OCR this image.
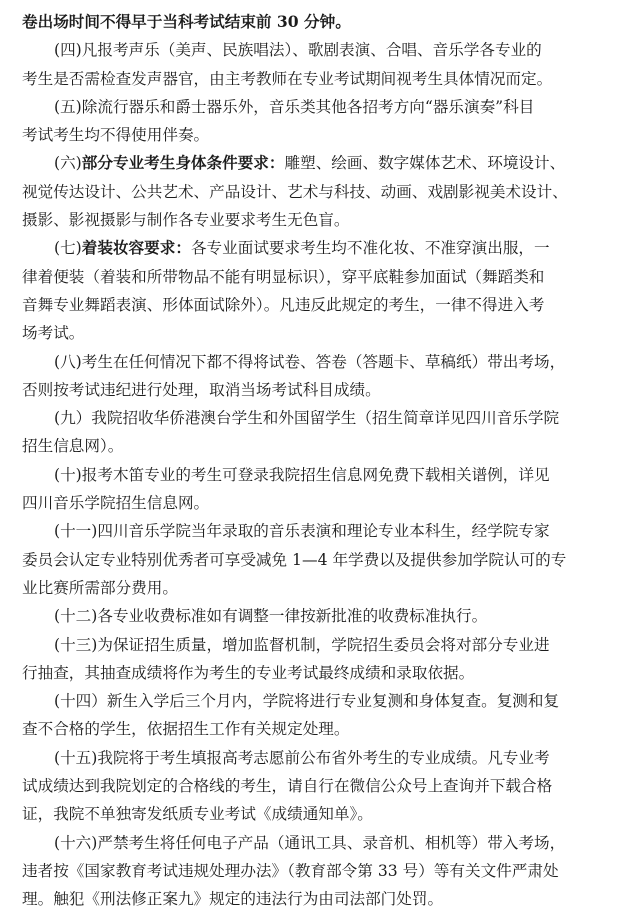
卷出场时间不得早于当科考试结束前 30 分钟。
(四)凡报考声乐（美声、民族唱法）、歌剧表演、合唱、音乐学各专业的
考生是否需检查发声器官，由主考教师在专业考试期间视考生具体情况而定。
(五)除流行器乐和爵士器乐外，音乐类其他各招考方向“器乐演奏”科目
考试考生均不得使用伴奏。
(六)部分专业考生身体条件要求：雕塑、绘画、数字媒体艺术、环境设计、
视觉传达设计、公共艺术、产品设计、艺术与科技、动画、戏剧影视美术设计、
摄影、影视摄影与制作各专业要求考生无色盲。
(七)着装妆容要求：各专业面试要求考生均不准化妆、不准穿演出服，一
律着便装（着装和所带物品不能有明显标识），穿平底鞋参加面试（舞蹈类和
音舞专业舞蹈表演、形体面试除外）。凡违反此规定的考生，一律不得进入考
场考试。
(八)考生在任何情况下都不得将试卷、答卷（答题卡、草稿纸）带出考场，
否则按考试违纪进行处理，取消当场考试科目成绩。
(九）我院招收华侨港澳台学生和外国留学生（招生简章详见四川音乐学院
招生信息网）。
(十)报考木笛专业的考生可登录我院招生信息网免费下载相关谱例，详见
四川音乐学院招生信息网。
(十一)四川音乐学院当年录取的音乐表演和理论专业本科生，经学院专家
委员会认定专业特别优秀者可享受减免 1—4 年学费以及提供参加学院认可的专
业比赛所需部分费用。
(十二)各专业收费标准如有调整一律按新批准的收费标准执行。
(十三)为保证招生质量，增加监督机制，学院招生委员会将对部分专业进
行抽查，其抽查成绩将作为考生的专业考试最终成绩和录取依据。
(十四）新生入学后三个月内，学院将进行专业复测和身体复查。复测和复
查不合格的学生，依据招生工作有关规定处理。
(十五)我院将于考生填报高考志愿前公布省外考生的专业成绩。凡专业考
试成绩达到我院划定的合格线的考生，请自行在微信公众号上查询并下载合格
证，我院不单独寄发纸质专业考试《成绩通知单》。
(十六)严禁考生将任何电子产品（通讯工具、录音机、相机等）带入考场，
违者按《国家教育考试违规处理办法》（教育部令第 33 号）等有关文件严肃处
理。触犯《刑法修正案九》规定的违法行为由司法部门处罚。
